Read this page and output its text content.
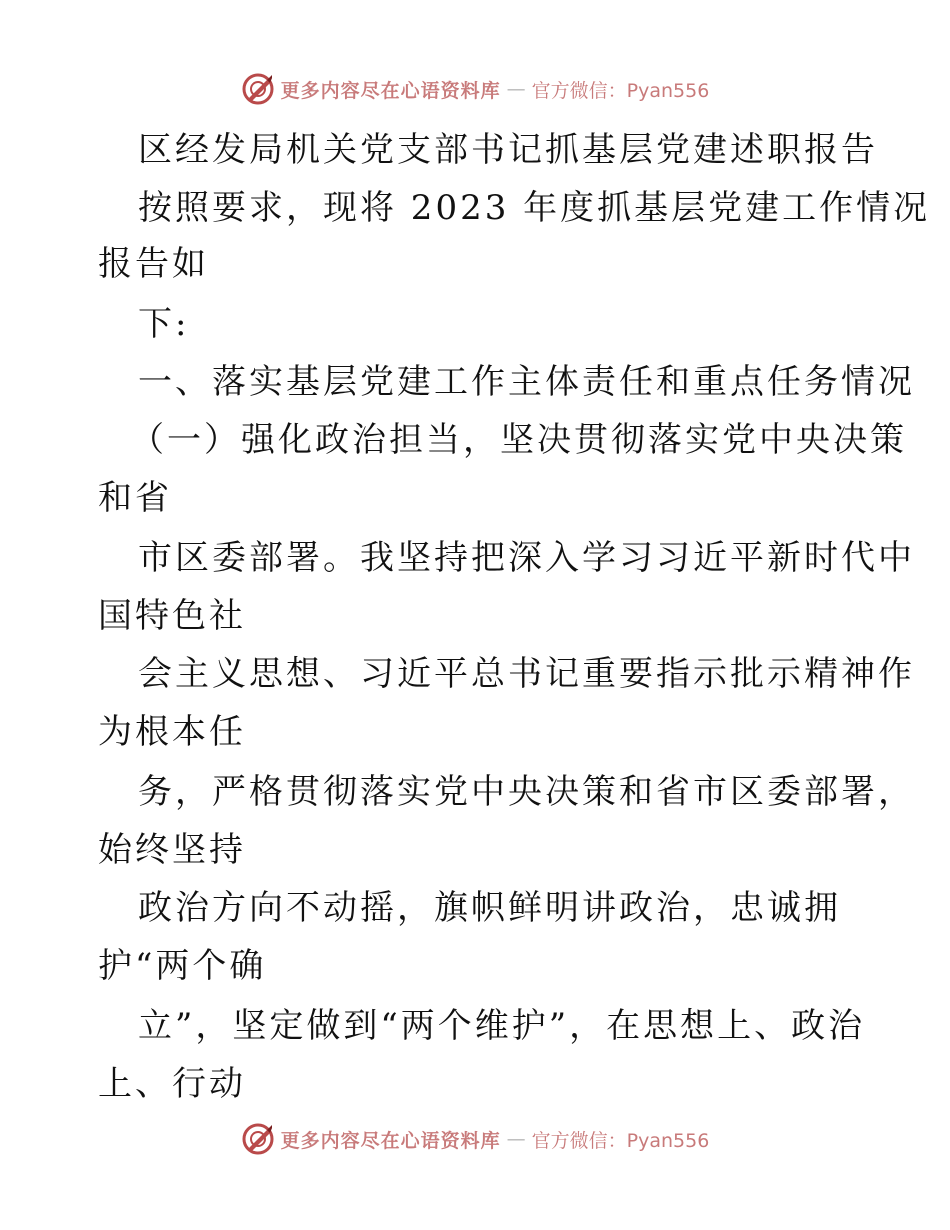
更多内容尽在心语资料库 — 官方微信：Pyan556
区经发局机关党支部书记抓基层党建述职报告
按照要求，现将 2023 年度抓基层党建工作情况
报告如
下:
一、落实基层党建工作主体责任和重点任务情况
（一）强化政治担当，坚决贯彻落实党中央决策
和省
市区委部署。我坚持把深入学习习近平新时代中
国特色社
会主义思想、习近平总书记重要指示批示精神作
为根本任
务，严格贯彻落实党中央决策和省市区委部署，
始终坚持
政治方向不动摇，旗帜鲜明讲政治，忠诚拥
护“两个确
立”，坚定做到“两个维护”，在思想上、政治
上、行动
更多内容尽在心语资料库 — 官方微信：Pyan556
